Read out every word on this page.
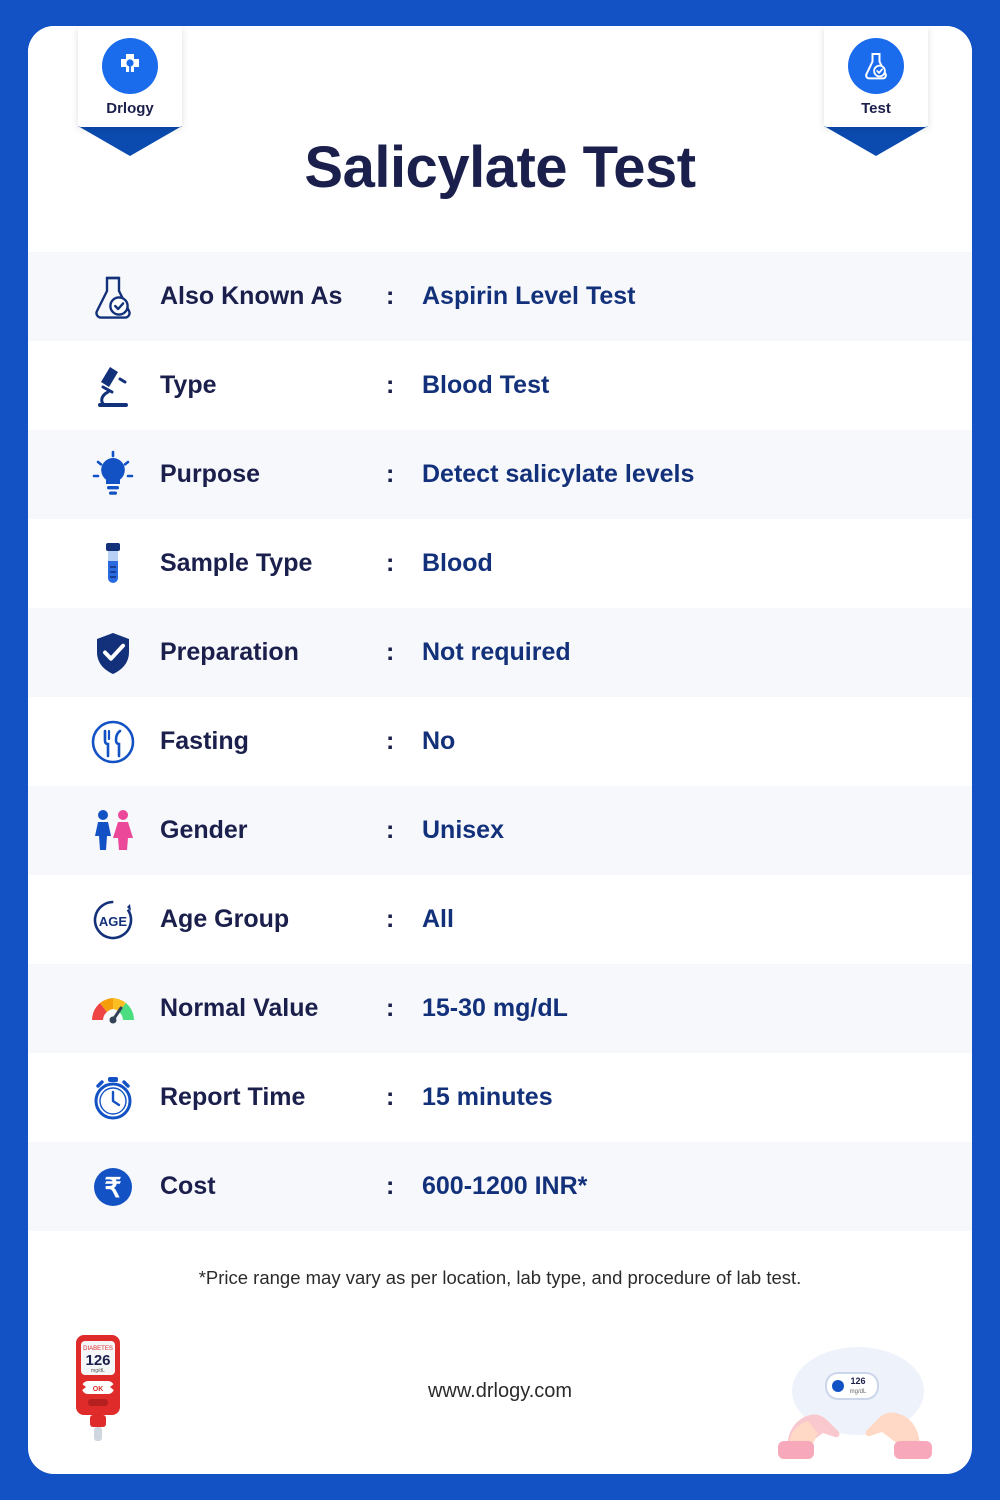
Drlogy	Test
Salicylate Test
Also Known As	:	Aspirin Level Test
Type	:	Blood Test
Purpose	:	Detect salicylate levels
Sample Type	:	Blood
Preparation	:	Not required
Fasting	:	No
Gender	:	Unisex
AGE Age Group	:	All
Normal Value	:	15-30 mg/dL
Report Time	:	15 minutes
₹ Cost	:	600-1200 INR*
*Price range may vary as per location, lab type, and procedure of lab test.
www.drlogy.com
DIABETES
126
mg/dL
OK
126
mg/dL
